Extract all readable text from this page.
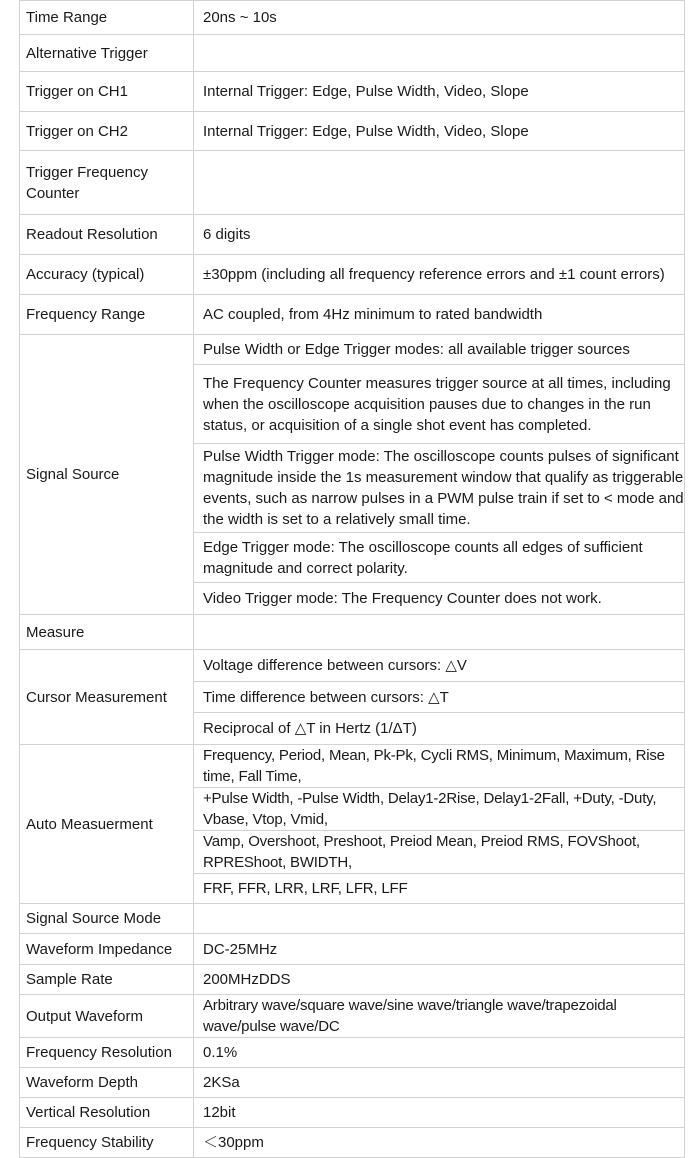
Time Range	20ns ~ 10s
Alternative Trigger	
Trigger on CH1	Internal Trigger: Edge, Pulse Width, Video, Slope
Trigger on CH2	Internal Trigger: Edge, Pulse Width, Video, Slope
Trigger Frequency Counter	
Readout Resolution	6 digits
Accuracy (typical)	±30ppm (including all frequency reference errors and ±1 count errors)
Frequency Range	AC coupled, from 4Hz minimum to rated bandwidth
Signal Source	Pulse Width or Edge Trigger modes: all available trigger sources
	The Frequency Counter measures trigger source at all times, including when the oscilloscope acquisition pauses due to changes in the run status, or acquisition of a single shot event has completed.
	Pulse Width Trigger mode: The oscilloscope counts pulses of significant magnitude inside the 1s measurement window that qualify as triggerable events, such as narrow pulses in a PWM pulse train if set to < mode and the width is set to a relatively small time.
	Edge Trigger mode: The oscilloscope counts all edges of sufficient magnitude and correct polarity.
	Video Trigger mode: The Frequency Counter does not work.
Measure	
Cursor Measurement	Voltage difference between cursors: △V
	Time difference between cursors: △T
	Reciprocal of △T in Hertz (1/ΔT)
Auto Measuerment	Frequency, Period, Mean, Pk-Pk, Cycli RMS, Minimum, Maximum, Rise time, Fall Time,
	+Pulse Width, -Pulse Width, Delay1-2Rise, Delay1-2Fall, +Duty, -Duty, Vbase, Vtop, Vmid,
	Vamp, Overshoot, Preshoot, Preiod Mean, Preiod RMS, FOVShoot, RPREShoot, BWIDTH,
	FRF, FFR, LRR, LRF, LFR, LFF
Signal Source Mode	
Waveform Impedance	DC-25MHz
Sample Rate	200MHzDDS
Output Waveform	Arbitrary wave/square wave/sine wave/triangle wave/trapezoidal wave/pulse wave/DC
Frequency Resolution	0.1%
Waveform Depth	2KSa
Vertical Resolution	12bit
Frequency Stability	＜30ppm
